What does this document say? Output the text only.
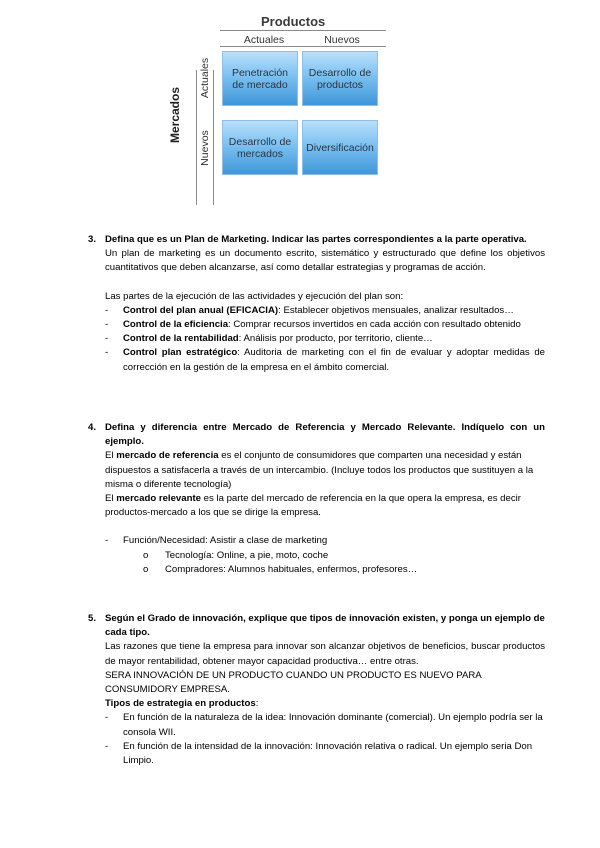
Productos
Actuales	Nuevos
Mercados
Actuales
Nuevos
Penetración de mercado
Desarrollo de productos
Desarrollo de mercados	Diversificación
3. Defina que es un Plan de Marketing. Indicar las partes correspondientes a la parte operativa.

Un plan de marketing es un documento escrito, sistemático y estructurado que define los objetivos cuantitativos que deben alcanzarse, así como detallar estrategias y programas de acción.

Las partes de la ejecución de las actividades y ejecución del plan son:

- Control del plan anual (EFICACIA): Establecer objetivos mensuales, analizar resultados…
- Control de la eficiencia: Comprar recursos invertidos en cada acción con resultado obtenido
- Control de la rentabilidad: Análisis por producto, por territorio, cliente…
- Control plan estratégico: Auditoria de marketing con el fin de evaluar y adoptar medidas de corrección en la gestión de la empresa en el ámbito comercial.
4. Defina y diferencia entre Mercado de Referencia y Mercado Relevante. Indíquelo con un ejemplo.

El mercado de referencia es el conjunto de consumidores que comparten una necesidad y están dispuestos a satisfacerla a través de un intercambio. (Incluye todos los productos que sustituyen a la misma o diferente tecnología)

El mercado relevante es la parte del mercado de referencia en la que opera la empresa, es decir productos-mercado a los que se dirige la empresa.

- Función/Necesidad: Asistir a clase de marketing
o Tecnología: Online, a pie, moto, coche
o Compradores: Alumnos habituales, enfermos, profesores…
5. Según el Grado de innovación, explique que tipos de innovación existen, y ponga un ejemplo de cada tipo.

Las razones que tiene la empresa para innovar son alcanzar objetivos de beneficios, buscar productos de mayor rentabilidad, obtener mayor capacidad productiva… entre otras.

SERA INNOVACIÓN DE UN PRODUCTO CUANDO UN PRODUCTO ES NUEVO PARA CONSUMIDORY EMPRESA.

Tipos de estrategia en productos:

- En función de la naturaleza de la idea: Innovación dominante (comercial). Un ejemplo podría ser la consola WII.
- En función de la intensidad de la innovación: Innovación relativa o radical. Un ejemplo seria Don Limpio.
